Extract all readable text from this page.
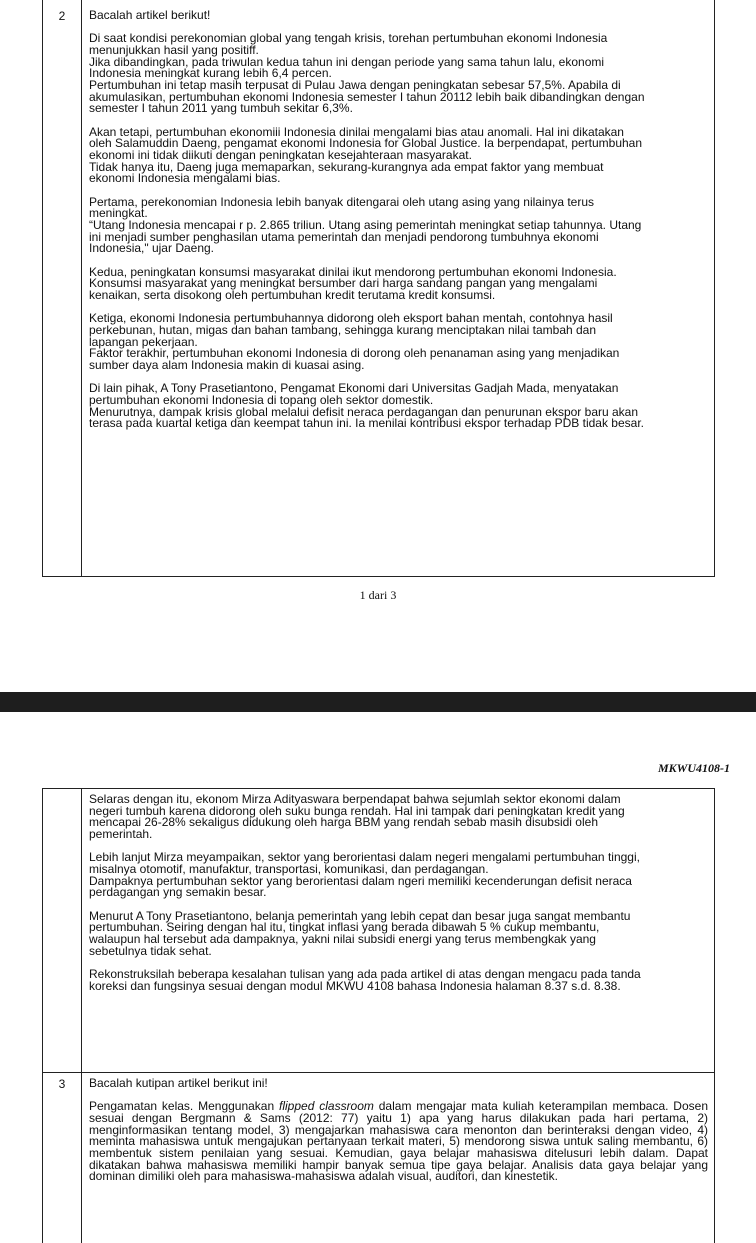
2	Bacalah artikel berikut!
Di saat kondisi perekonomian global yang tengah krisis, torehan pertumbuhan ekonomi Indonesia
menunjukkan hasil yang positiff.
Jika dibandingkan, pada triwulan kedua tahun ini dengan periode yang sama tahun lalu, ekonomi
Indonesia meningkat kurang lebih 6,4 percen.
Pertumbuhan ini tetap masih terpusat di Pulau Jawa dengan peningkatan sebesar 57,5%. Apabila di
akumulasikan, pertumbuhan ekonomi Indonesia semester I tahun 20112 lebih baik dibandingkan dengan
semester I tahun 2011 yang tumbuh sekitar 6,3%.
Akan tetapi, pertumbuhan ekonomiii Indonesia dinilai mengalami bias atau anomali. Hal ini dikatakan
oleh Salamuddin Daeng, pengamat ekonomi Indonesia for Global Justice. Ia berpendapat, pertumbuhan
ekonomi ini tidak diikuti dengan peningkatan kesejahteraan masyarakat.
Tidak hanya itu, Daeng juga memaparkan, sekurang-kurangnya ada empat faktor yang membuat
ekonomi Indonesia mengalami bias.
Pertama, perekonomian Indonesia lebih banyak ditengarai oleh utang asing yang nilainya terus
meningkat.
“Utang Indonesia mencapai r p. 2.865 triliun. Utang asing pemerintah meningkat setiap tahunnya. Utang
ini menjadi sumber penghasilan utama pemerintah dan menjadi pendorong tumbuhnya ekonomi
Indonesia," ujar Daeng.
Kedua, peningkatan konsumsi masyarakat dinilai ikut mendorong pertumbuhan ekonomi Indonesia.
Konsumsi masyarakat yang meningkat bersumber dari harga sandang pangan yang mengalami
kenaikan, serta disokong oleh pertumbuhan kredit terutama kredit konsumsi.
Ketiga, ekonomi Indonesia pertumbuhannya didorong oleh eksport bahan mentah, contohnya hasil
perkebunan, hutan, migas dan bahan tambang, sehingga kurang menciptakan nilai tambah dan
lapangan pekerjaan.
Faktor terakhir, pertumbuhan ekonomi Indonesia di dorong oleh penanaman asing yang menjadikan
sumber daya alam Indonesia makin di kuasai asing.
Di lain pihak, A Tony Prasetiantono, Pengamat Ekonomi dari Universitas Gadjah Mada, menyatakan
pertumbuhan ekonomi Indonesia di topang oleh sektor domestik.
Menurutnya, dampak krisis global melalui defisit neraca perdagangan dan penurunan ekspor baru akan
terasa pada kuartal ketiga dan keempat tahun ini. Ia menilai kontribusi ekspor terhadap PDB tidak besar.
1 dari 3
MKWU4108-1
Selaras dengan itu, ekonom Mirza Adityaswara berpendapat bahwa sejumlah sektor ekonomi dalam
negeri tumbuh karena didorong oleh suku bunga rendah. Hal ini tampak dari peningkatan kredit yang
mencapai 26-28% sekaligus didukung oleh harga BBM yang rendah sebab masih disubsidi oleh
pemerintah.
Lebih lanjut Mirza meyampaikan, sektor yang berorientasi dalam negeri mengalami pertumbuhan tinggi,
misalnya otomotif, manufaktur, transportasi, komunikasi, dan perdagangan.
Dampaknya pertumbuhan sektor yang berorientasi dalam ngeri memiliki kecenderungan defisit neraca
perdagangan yng semakin besar.
Menurut A Tony Prasetiantono, belanja pemerintah yang lebih cepat dan besar juga sangat membantu
pertumbuhan. Seiring dengan hal itu, tingkat inflasi yang berada dibawah 5 % cukup membantu,
walaupun hal tersebut ada dampaknya, yakni nilai subsidi energi yang terus membengkak yang
sebetulnya tidak sehat.
Rekonstruksilah beberapa kesalahan tulisan yang ada pada artikel di atas dengan mengacu pada tanda
koreksi dan fungsinya sesuai dengan modul MKWU 4108 bahasa Indonesia halaman 8.37 s.d. 8.38.
3	Bacalah kutipan artikel berikut ini!
Pengamatan kelas. Menggunakan flipped classroom dalam mengajar mata kuliah keterampilan membaca. Dosen sesuai dengan Bergmann & Sams (2012: 77) yaitu 1) apa yang harus dilakukan pada hari pertama, 2) menginformasikan tentang model, 3) mengajarkan mahasiswa cara menonton dan berinteraksi dengan video, 4) meminta mahasiswa untuk mengajukan pertanyaan terkait materi, 5) mendorong siswa untuk saling membantu, 6) membentuk sistem penilaian yang sesuai. Kemudian, gaya belajar mahasiswa ditelusuri lebih dalam. Dapat dikatakan bahwa mahasiswa memiliki hampir banyak semua tipe gaya belajar. Analisis data gaya belajar yang dominan dimiliki oleh para mahasiswa-mahasiswa adalah visual, auditori, dan kinestetik.
